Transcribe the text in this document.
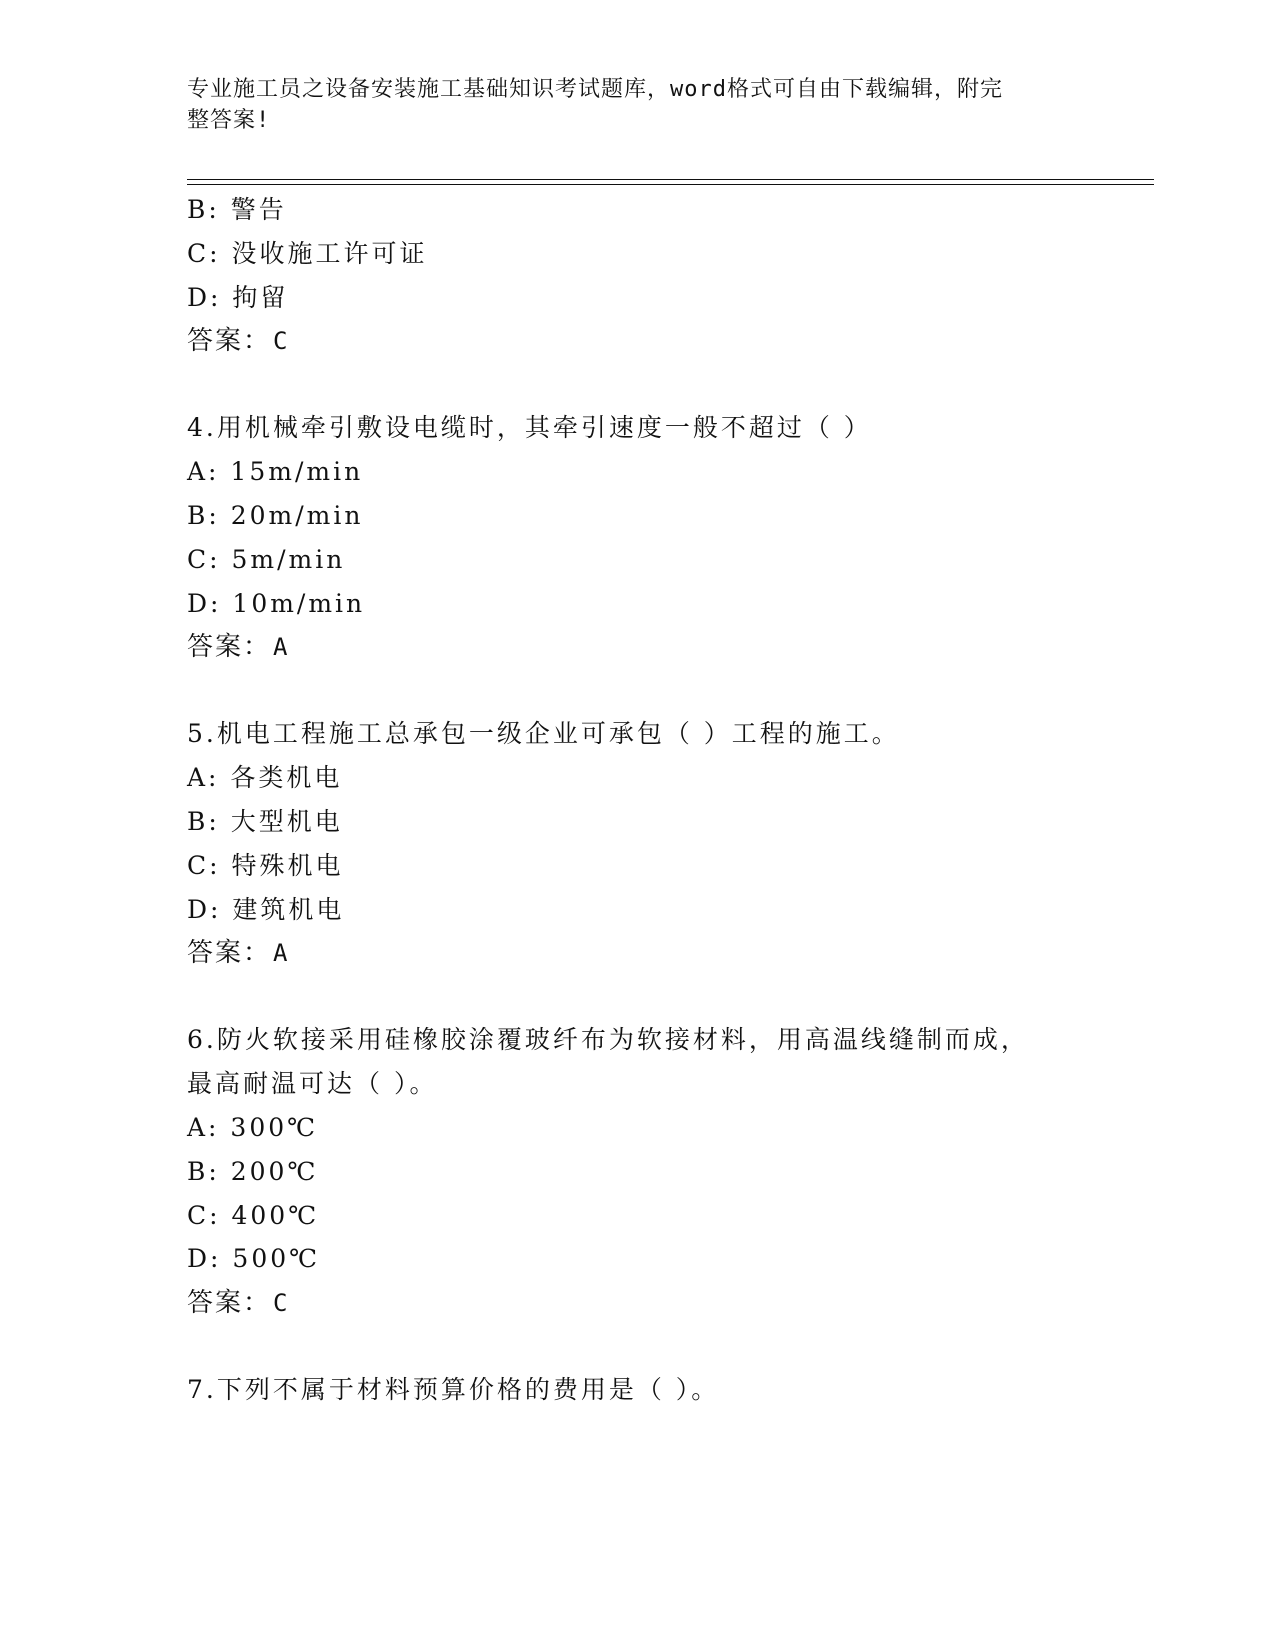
专业施工员之设备安装施工基础知识考试题库，word格式可自由下载编辑，附完
整答案!
B: 警告
C: 没收施工许可证
D: 拘留
答案：C
4.用机械牵引敷设电缆时，其牵引速度一般不超过（ ）
A: 15m/min
B: 20m/min
C: 5m/min
D: 10m/min
答案：A
5.机电工程施工总承包一级企业可承包（ ）工程的施工。
A: 各类机电
B: 大型机电
C: 特殊机电
D: 建筑机电
答案：A
6.防火软接采用硅橡胶涂覆玻纤布为软接材料，用高温线缝制而成，
最高耐温可达（ ）。
A: 300℃
B: 200℃
C: 400℃
D: 500℃
答案：C
7.下列不属于材料预算价格的费用是（ ）。
